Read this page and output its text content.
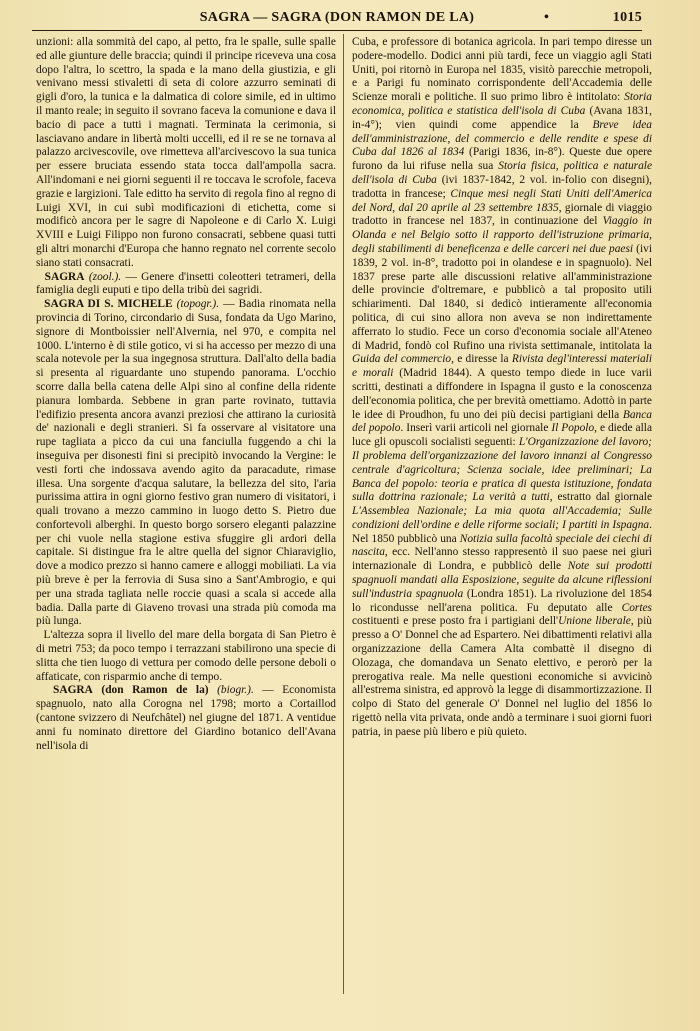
SAGRA — SAGRA (DON RAMON DE LA)	•	1015

unzioni: alla sommità del capo, al petto, fra le spalle, sulle spalle ed alle giunture delle braccia; quindi il principe riceveva una cosa dopo l'altra, lo scettro, la spada e la mano della giustizia, e gli venivano messi stivaletti di seta di colore azzurro seminati di gigli d'oro, la tunica e la dalmatica di colore simile, ed in ultimo il manto reale; in seguito il sovrano faceva la comunione e dava il bacio di pace a tutti i magnati. Terminata la cerimonia, si lasciavano andare in libertà molti uccelli, ed il re se ne tornava al palazzo arcivescovile, ove rimetteva all'arcivescovo la sua tunica per essere bruciata essendo stata tocca dall'ampolla sacra. All'indomani e nei giorni seguenti il re toccava le scrofole, faceva grazie e largizioni. Tale editto ha servito di regola fino al regno di Luigi XVI, in cui subì modificazioni di etichetta, come si modificò ancora per le sagre di Napoleone e di Carlo X. Luigi XVIII e Luigi Filippo non furono consacrati, sebbene quasi tutti gli altri monarchi d'Europa che hanno regnato nel corrente secolo siano stati consacrati.

SAGRA (zool.). — Genere d'insetti coleotteri tetrameri, della famiglia degli euputi e tipo della tribù dei sagridi.

SAGRA DI S. MICHELE (topogr.). — Badia rinomata nella provincia di Torino, circondario di Susa, fondata da Ugo Marino, signore di Montboissier nell'Alvernia, nel 970, e compita nel 1000. L'interno è di stile gotico, vi si ha accesso per mezzo di una scala notevole per la sua ingegnosa struttura. Dall'alto della badia si presenta al riguardante uno stupendo panorama. L'occhio scorre dalla bella catena delle Alpi sino al confine della ridente pianura lombarda. Sebbene in gran parte rovinato, tuttavia l'edifizio presenta ancora avanzi preziosi che attirano la curiosità de' nazionali e degli stranieri. Si fa osservare al visitatore una rupe tagliata a picco da cui una fanciulla fuggendo a chi la inseguiva per disonesti fini si precipitò invocando la Vergine: le vesti forti che indossava avendo agito da paracadute, rimase illesa. Una sorgente d'acqua salutare, la bellezza del sito, l'aria purissima attira in ogni giorno festivo gran numero di visitatori, i quali trovano a mezzo cammino in luogo detto S. Pietro due confortevoli alberghi. In questo borgo sorsero eleganti palazzine per chi vuole nella stagione estiva sfuggire gli ardori della capitale. Si distingue fra le altre quella del signor Chiaraviglio, dove a modico prezzo si hanno camere e alloggi mobiliati. La via più breve è per la ferrovia di Susa sino a Sant'Ambrogio, e qui per una strada tagliata nelle roccie quasi a scala si accede alla badia. Dalla parte di Giaveno trovasi una strada più comoda ma più lunga.

L'altezza sopra il livello del mare della borgata di San Pietro è di metri 753; da poco tempo i terrazzani stabilirono una specie di slitta che tien luogo di vettura per comodo delle persone deboli o affaticate, con risparmio anche di tempo.

SAGRA (don Ramon de la) (biogr.). — Economista spagnuolo, nato alla Corogna nel 1798; morto a Cortaillod (cantone svizzero di Neufchâtel) nel giugne del 1871. A ventidue anni fu nominato direttore del Giardino botanico dell'Avana nell'isola di

Cuba, e professore di botanica agricola. In pari tempo diresse un podere-modello. Dodici anni più tardi, fece un viaggio agli Stati Uniti, poi ritornò in Europa nel 1835, visitò parecchie metropoli, e a Parigi fu nominato corrispondente dell'Accademia delle Scienze morali e politiche. Il suo primo libro è intitolato: Storia economica, politica e statistica dell'isola di Cuba (Avana 1831, in-4°); vien quindi come appendice la Breve idea dell'amministrazione, del commercio e delle rendite e spese di Cuba dal 1826 al 1834 (Parigi 1836, in-8°). Queste due opere furono da lui rifuse nella sua Storia fisica, politica e naturale dell'isola di Cuba (ivi 1837-1842, 2 vol. in-folio con disegni), tradotta in francese; Cinque mesi negli Stati Uniti dell'America del Nord, dal 20 aprile al 23 settembre 1835, giornale di viaggio tradotto in francese nel 1837, in continuazione del Viaggio in Olanda e nel Belgio sotto il rapporto dell'istruzione primaria, degli stabilimenti di beneficenza e delle carceri nei due paesi (ivi 1839, 2 vol. in-8°, tradotto poi in olandese e in spagnuolo). Nel 1837 prese parte alle discussioni relative all'amministrazione delle provincie d'oltremare, e pubblicò a tal proposito utili schiarimenti. Dal 1840, si dedicò intieramente all'economia politica, di cui sino allora non aveva se non indirettamente afferrato lo studio. Fece un corso d'economia sociale all'Ateneo di Madrid, fondò col Rufino una rivista settimanale, intitolata la Guida del commercio, e diresse la Rivista degl'interessi materiali e morali (Madrid 1844). A questo tempo diede in luce varii scritti, destinati a diffondere in Ispagna il gusto e la conoscenza dell'economia politica, che per brevità omettiamo. Adottò in parte le idee di Proudhon, fu uno dei più decisi partigiani della Banca del popolo. Inserì varii articoli nel giornale Il Popolo, e diede alla luce gli opuscoli socialisti seguenti: L'Organizzazione del lavoro; Il problema dell'organizzazione del lavoro innanzi al Congresso centrale d'agricoltura; Scienza sociale, idee preliminari; La Banca del popolo: teoria e pratica di questa istituzione, fondata sulla dottrina razionale; La verità a tutti, estratto dal giornale L'Assemblea Nazionale; La mia quota all'Accademia; Sulle condizioni dell'ordine e delle riforme sociali; I partiti in Ispagna. Nel 1850 pubblicò una Notizia sulla facoltà speciale dei ciechi di nascita, ecc. Nell'anno stesso rappresentò il suo paese nei giurì internazionale di Londra, e pubblicò delle Note sui prodotti spagnuoli mandati alla Esposizione, seguite da alcune riflessioni sull'industria spagnuola (Londra 1851). La rivoluzione del 1854 lo ricondusse nell'arena politica. Fu deputato alle Cortes costituenti e prese posto fra i partigiani dell'Unione liberale, più presso a O' Donnel che ad Espartero. Nei dibattimenti relativi alla organizzazione della Camera Alta combattè il disegno di Olozaga, che domandava un Senato elettivo, e perorò per la prerogativa reale. Ma nelle questioni economiche si avvicinò all'estrema sinistra, ed approvò la legge di disammortizzazione. Il colpo di Stato del generale O' Donnel nel luglio del 1856 lo rigettò nella vita privata, onde andò a terminare i suoi giorni fuori patria, in paese più libero e più quieto.
